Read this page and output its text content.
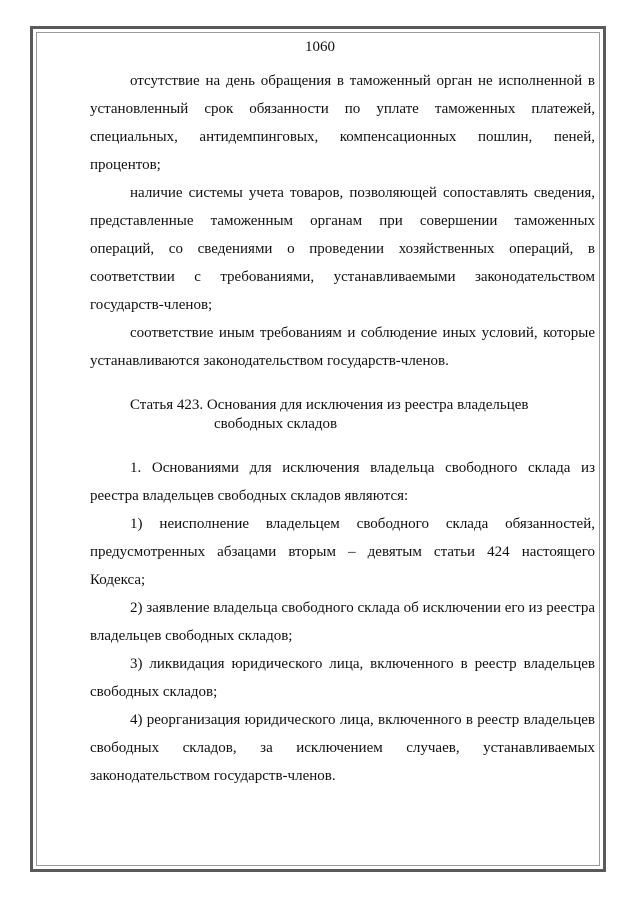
1060

отсутствие на день обращения в таможенный орган не исполненной в установленный срок обязанности по уплате таможенных платежей, специальных, антидемпинговых, компенсационных пошлин, пеней, процентов;

наличие системы учета товаров, позволяющей сопоставлять сведения, представленные таможенным органам при совершении таможенных операций, со сведениями о проведении хозяйственных операций, в соответствии с требованиями, устанавливаемыми законодательством государств-членов;

соответствие иным требованиям и соблюдение иных условий, которые устанавливаются законодательством государств-членов.

Статья 423. Основания для исключения из реестра владельцев
свободных складов

1. Основаниями для исключения владельца свободного склада из реестра владельцев свободных складов являются:

1) неисполнение владельцем свободного склада обязанностей, предусмотренных абзацами вторым – девятым статьи 424 настоящего Кодекса;

2) заявление владельца свободного склада об исключении его из реестра владельцев свободных складов;

3) ликвидация юридического лица, включенного в реестр владельцев свободных складов;

4) реорганизация юридического лица, включенного в реестр владельцев свободных складов, за исключением случаев, устанавливаемых законодательством государств-членов.
